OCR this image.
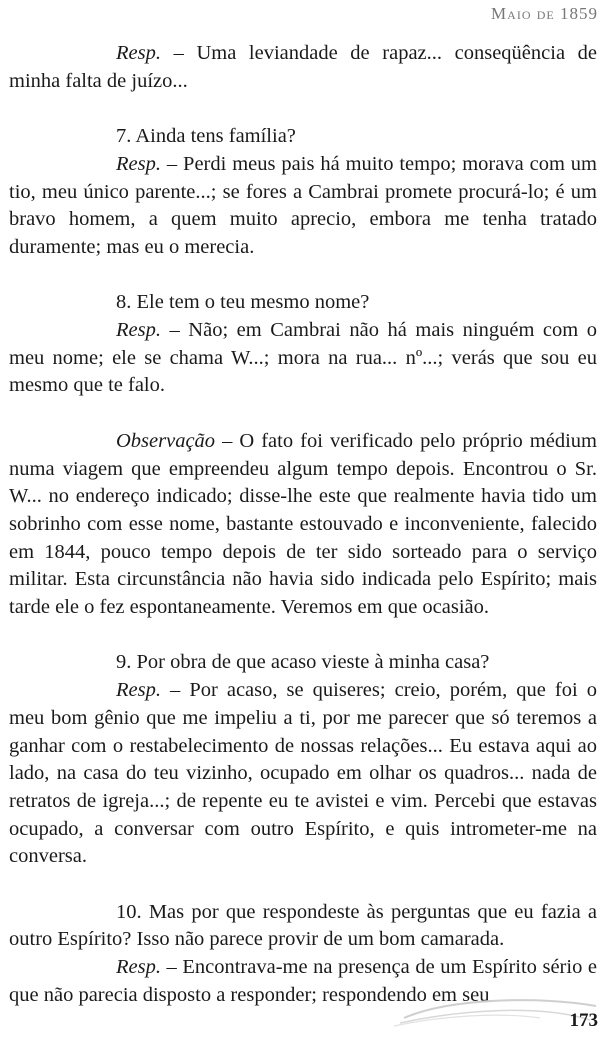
Maio de 1859

Resp. – Uma leviandade de rapaz... conseqüência de minha falta de juízo...

7. Ainda tens família?

Resp. – Perdi meus pais há muito tempo; morava com um tio, meu único parente...; se fores a Cambrai promete procurá-lo; é um bravo homem, a quem muito aprecio, embora me tenha tratado duramente; mas eu o merecia.

8. Ele tem o teu mesmo nome?

Resp. – Não; em Cambrai não há mais ninguém com o meu nome; ele se chama W...; mora na rua... nº...; verás que sou eu mesmo que te falo.

Observação – O fato foi verificado pelo próprio médium numa viagem que empreendeu algum tempo depois. Encontrou o Sr. W... no endereço indicado; disse-lhe este que realmente havia tido um sobrinho com esse nome, bastante estouvado e inconveniente, falecido em 1844, pouco tempo depois de ter sido sorteado para o serviço militar. Esta circunstância não havia sido indicada pelo Espírito; mais tarde ele o fez espontaneamente. Veremos em que ocasião.

9. Por obra de que acaso vieste à minha casa?

Resp. – Por acaso, se quiseres; creio, porém, que foi o meu bom gênio que me impeliu a ti, por me parecer que só teremos a ganhar com o restabelecimento de nossas relações... Eu estava aqui ao lado, na casa do teu vizinho, ocupado em olhar os quadros... nada de retratos de igreja...; de repente eu te avistei e vim. Percebi que estavas ocupado, a conversar com outro Espírito, e quis intrometer-me na conversa.

10. Mas por que respondeste às perguntas que eu fazia a outro Espírito? Isso não parece provir de um bom camarada.

Resp. – Encontrava-me na presença de um Espírito sério e que não parecia disposto a responder; respondendo em seu

173
